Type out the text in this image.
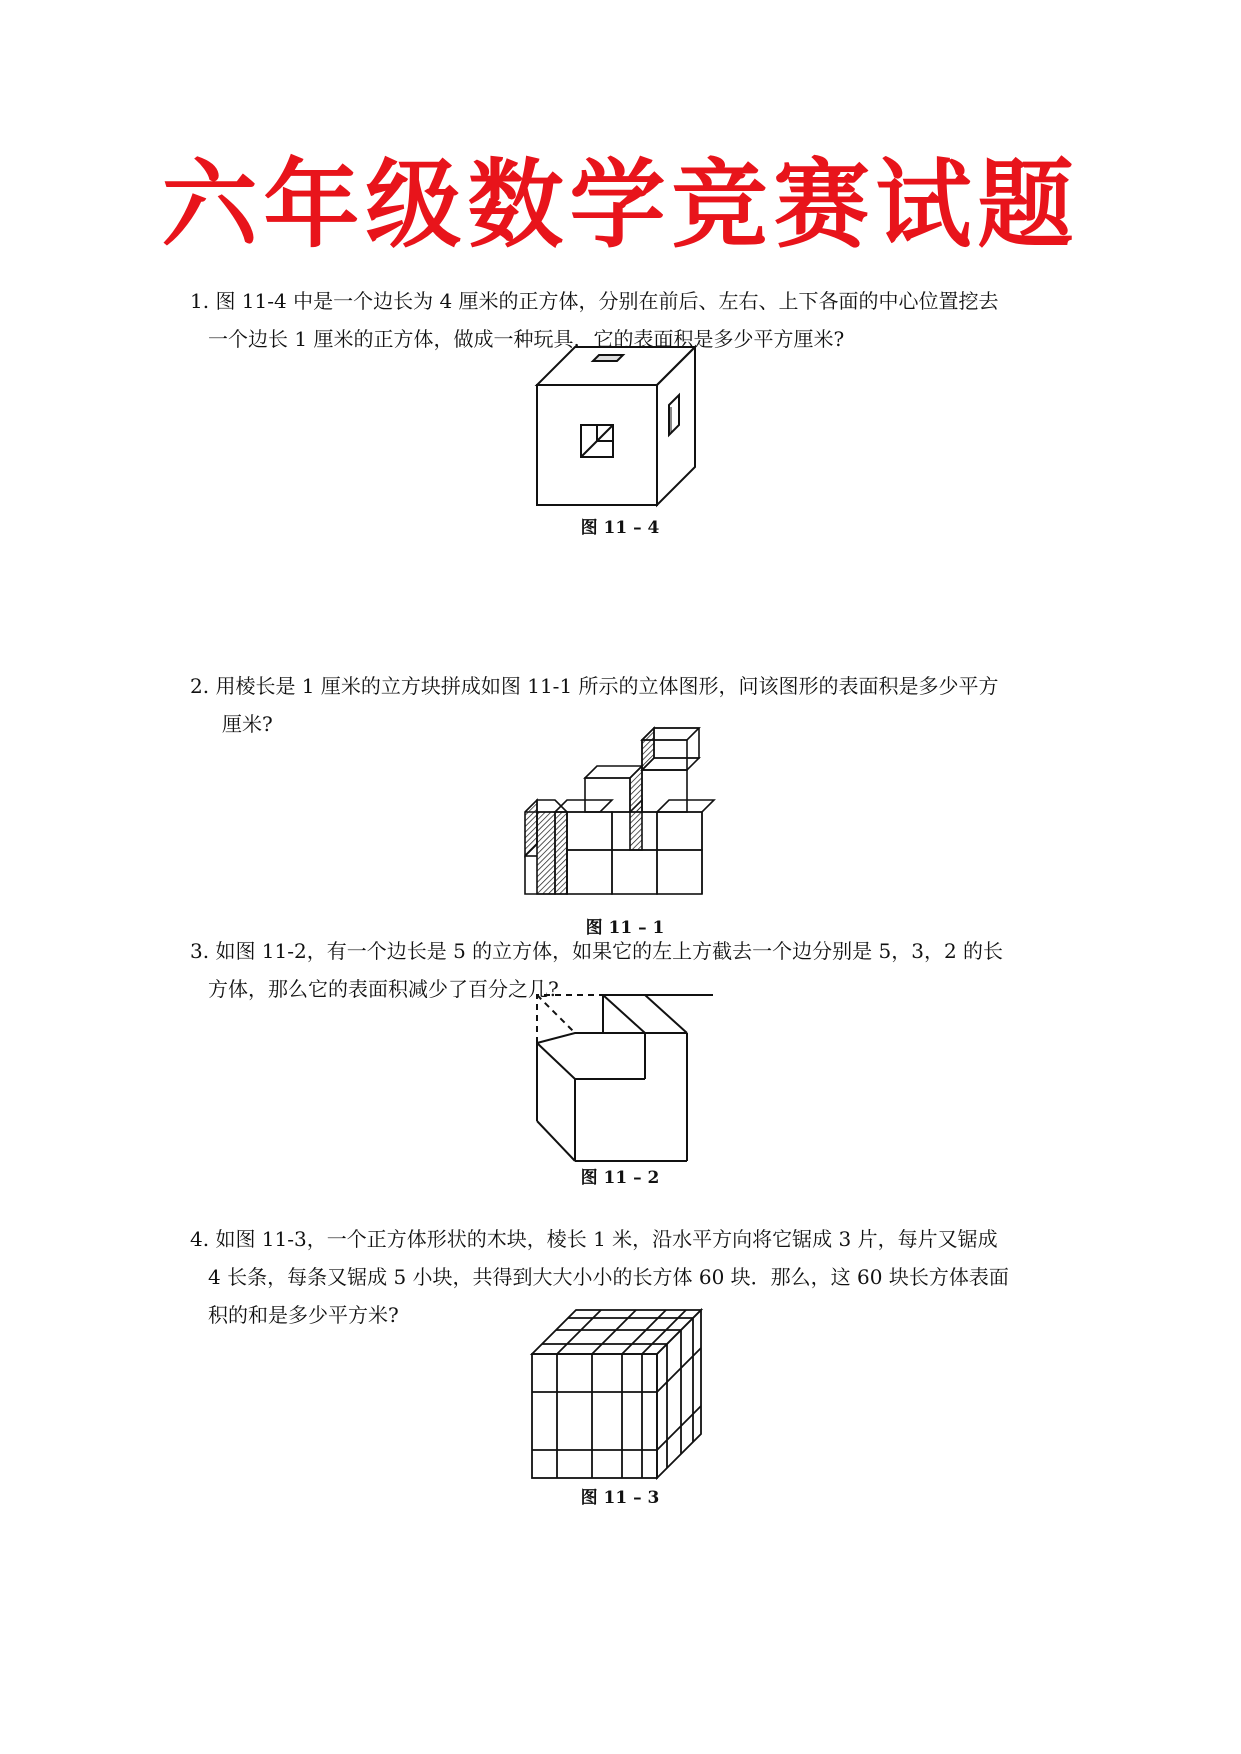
六年级数学竞赛试题

1. 图 11-4 中是一个边长为 4 厘米的正方体，分别在前后、左右、上下各面的中心位置挖去

一个边长 1 厘米的正方体，做成一种玩具．它的表面积是多少平方厘米?

图 11 – 4

2. 用棱长是 1 厘米的立方块拼成如图 11-1 所示的立体图形，问该图形的表面积是多少平方

厘米?

图 11 – 1

3. 如图 11-2，有一个边长是 5 的立方体，如果它的左上方截去一个边分别是 5，3，2 的长

方体，那么它的表面积减少了百分之几?

图 11 – 2

4. 如图 11-3，一个正方体形状的木块，棱长 1 米，沿水平方向将它锯成 3 片，每片又锯成

4 长条，每条又锯成 5 小块，共得到大大小小的长方体 60 块．那么，这 60 块长方体表面

积的和是多少平方米?

图 11 – 3
